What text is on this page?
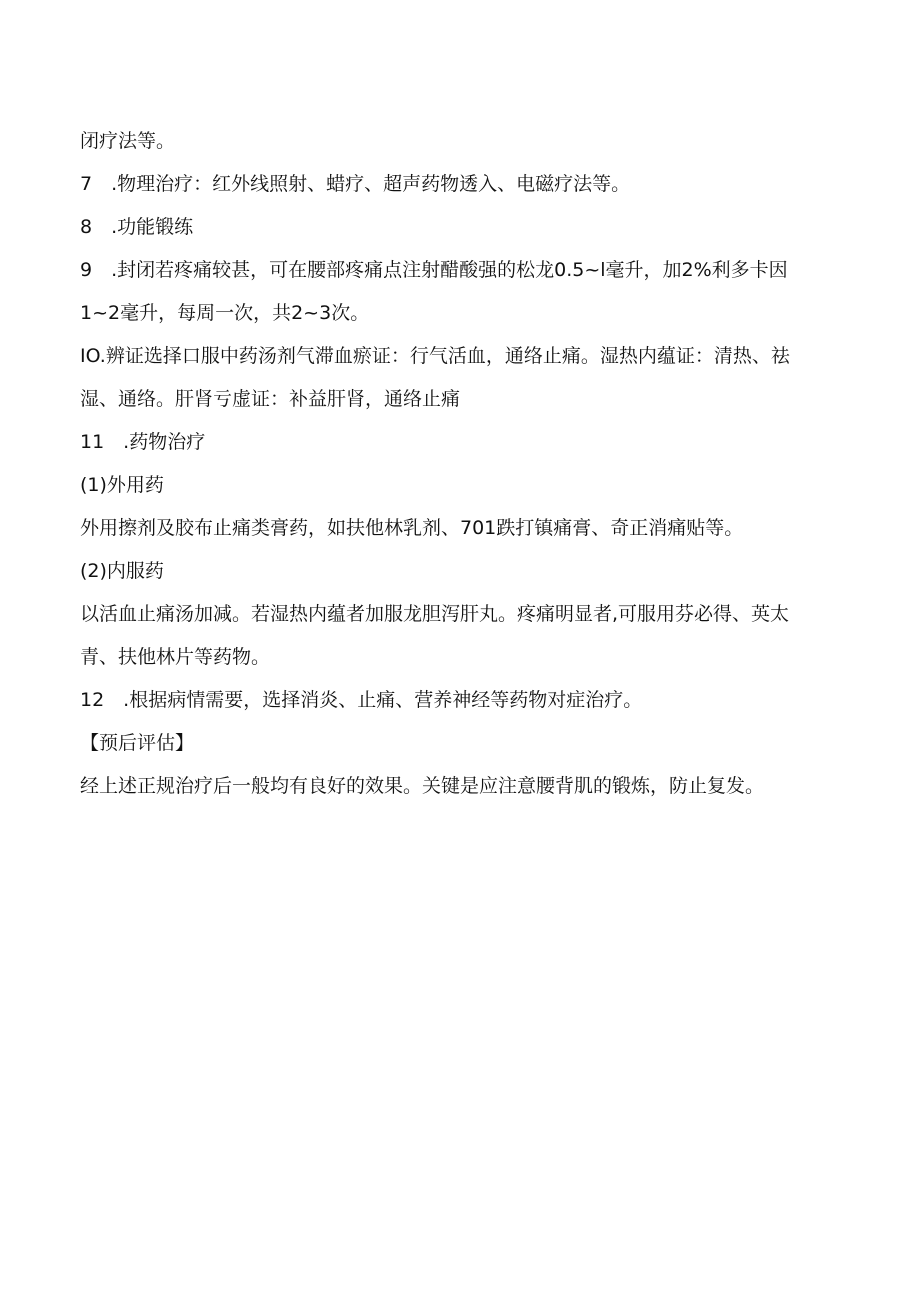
闭疗法等。
7　.物理治疗：红外线照射、蜡疗、超声药物透入、电磁疗法等。
8　.功能锻练
9　.封闭若疼痛较甚，可在腰部疼痛点注射醋酸强的松龙0.5~l毫升，加2%利多卡因
1~2毫升，每周一次，共2~3次。
IO.辨证选择口服中药汤剂气滞血瘀证：行气活血，通络止痛。湿热内蕴证：清热、祛
湿、通络。肝肾亏虚证：补益肝肾，通络止痛
11　.药物治疗
(1)外用药
外用擦剂及胶布止痛类膏药，如扶他林乳剂、701跌打镇痛膏、奇正消痛贴等。
(2)内服药
以活血止痛汤加减。若湿热内蕴者加服龙胆泻肝丸。疼痛明显者,可服用芬必得、英太
青、扶他林片等药物。
12　.根据病情需要，选择消炎、止痛、营养神经等药物对症治疗。
【预后评估】
经上述正规治疗后一般均有良好的效果。关键是应注意腰背肌的锻炼，防止复发。
